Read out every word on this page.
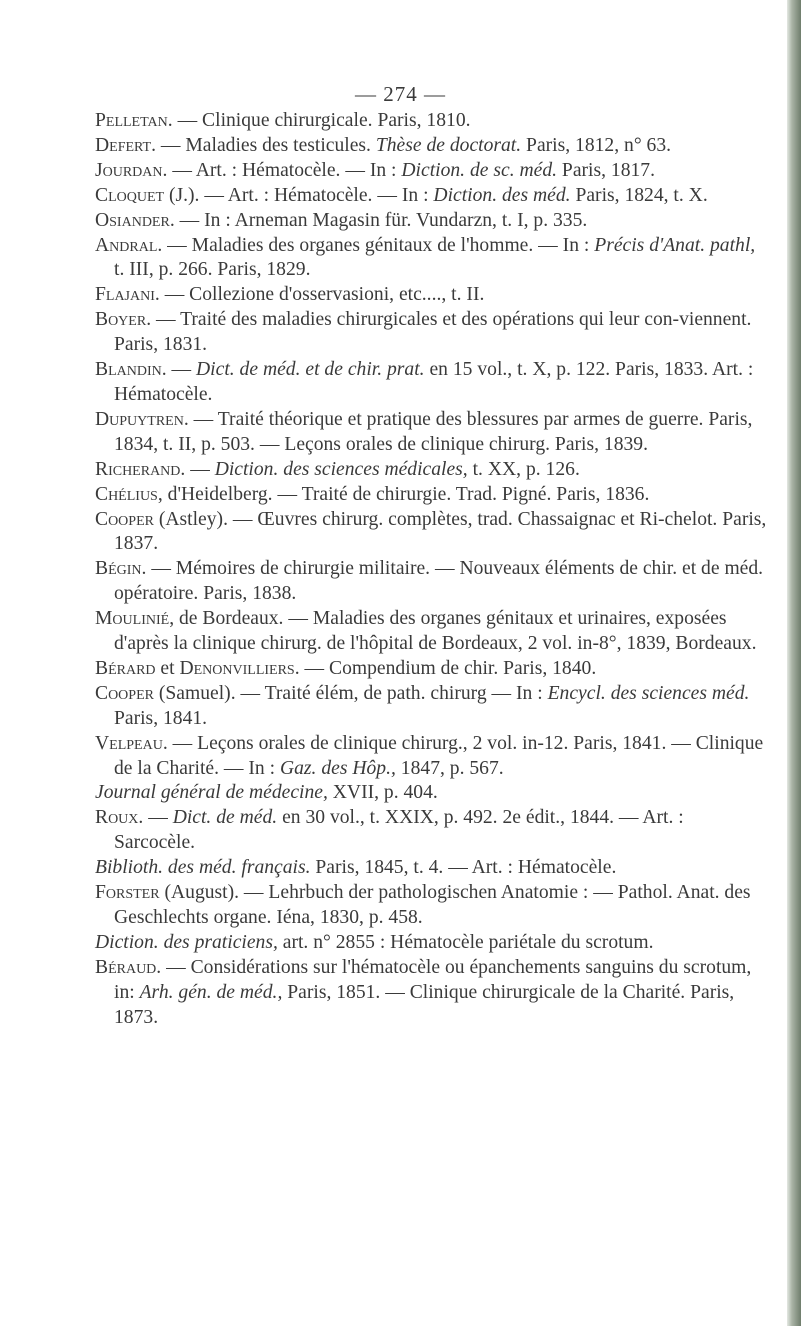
— 274 —

Pelletan. — Clinique chirurgicale. Paris, 1810.

Defert. — Maladies des testicules. Thèse de doctorat. Paris, 1812, n° 63.

Jourdan. — Art. : Hématocèle. — In : Diction. de sc. méd. Paris, 1817.

Cloquet (J.). — Art. : Hématocèle. — In : Diction. des méd. Paris, 1824, t. X.

Osiander. — In : Arneman Magasin für. Vundarzn, t. I, p. 335.

Andral. — Maladies des organes génitaux de l'homme. — In : Précis d'Anat. pathl, t. III, p. 266. Paris, 1829.

Flajani. — Collezione d'osservasioni, etc...., t. II.

Boyer. — Traité des maladies chirurgicales et des opérations qui leur con-viennent. Paris, 1831.

Blandin. — Dict. de méd. et de chir. prat. en 15 vol., t. X, p. 122. Paris, 1833. Art. : Hématocèle.

Dupuytren. — Traité théorique et pratique des blessures par armes de guerre. Paris, 1834, t. II, p. 503. — Leçons orales de clinique chirurg. Paris, 1839.

Richerand. — Diction. des sciences médicales, t. XX, p. 126.

Chélius, d'Heidelberg. — Traité de chirurgie. Trad. Pigné. Paris, 1836.

Cooper (Astley). — Œuvres chirurg. complètes, trad. Chassaignac et Ri-chelot. Paris, 1837.

Bégin. — Mémoires de chirurgie militaire. — Nouveaux éléments de chir. et de méd. opératoire. Paris, 1838.

Moulinié, de Bordeaux. — Maladies des organes génitaux et urinaires, exposées d'après la clinique chirurg. de l'hôpital de Bordeaux, 2 vol. in-8°, 1839, Bordeaux.

Bérard et Denonvilliers. — Compendium de chir. Paris, 1840.

Cooper (Samuel). — Traité élém, de path. chirurg — In : Encycl. des sciences méd. Paris, 1841.

Velpeau. — Leçons orales de clinique chirurg., 2 vol. in-12. Paris, 1841. — Clinique de la Charité. — In : Gaz. des Hôp., 1847, p. 567.

Journal général de médecine, XVII, p. 404.

Roux. — Dict. de méd. en 30 vol., t. XXIX, p. 492. 2e édit., 1844. — Art. : Sarcocèle.

Biblioth. des méd. français. Paris, 1845, t. 4. — Art. : Hématocèle.

Forster (August). — Lehrbuch der pathologischen Anatomie : — Pathol. Anat. des Geschlechts organe. Iéna, 1830, p. 458.

Diction. des praticiens, art. n° 2855 : Hématocèle pariétale du scrotum.

Béraud. — Considérations sur l'hématocèle ou épanchements sanguins du scrotum, in: Arh. gén. de méd., Paris, 1851. — Clinique chirurgicale de la Charité. Paris, 1873.
